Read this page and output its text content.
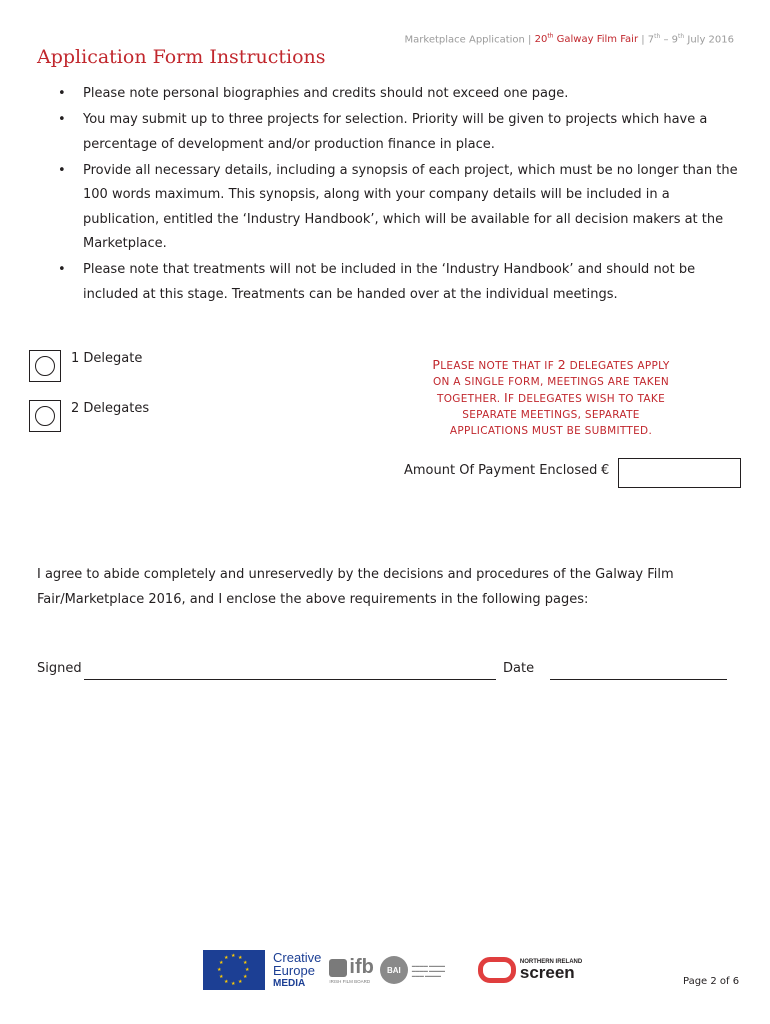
Marketplace Application | 20th Galway Film Fair | 7th – 9th July 2016
Application Form Instructions
• Please note personal biographies and credits should not exceed one page.
• You may submit up to three projects for selection. Priority will be given to projects which have a percentage of development and/or production finance in place.
• Provide all necessary details, including a synopsis of each project, which must be no longer than the 100 words maximum. This synopsis, along with your company details will be included in a publication, entitled the ‘Industry Handbook’, which will be available for all decision makers at the Marketplace.
• Please note that treatments will not be included in the ‘Industry Handbook’ and should not be included at this stage. Treatments can be handed over at the individual meetings.
1 Delegate
2 Delegates
PLEASE NOTE THAT IF 2 DELEGATES APPLY
ON A SINGLE FORM, MEETINGS ARE TAKEN
TOGETHER. IF DELEGATES WISH TO TAKE
SEPARATE MEETINGS, SEPARATE
APPLICATIONS MUST BE SUBMITTED.
Amount Of Payment Enclosed €
I agree to abide completely and unreservedly by the decisions and procedures of the Galway Film Fair/Marketplace 2016, and I enclose the above requirements in the following pages:
Signed	Date
★ ★
★
★
★
★
★
★
★
★
★
★	Creative
Europe
MEDIA
ifb
IRISH FILM BOARD
BAI
▬▬▬▬ ▬▬▬▬
▬▬▬▬ ▬▬▬▬
▬▬▬ ▬▬▬▬
NORTHERN IRELAND
screen	Page 2 of 6
